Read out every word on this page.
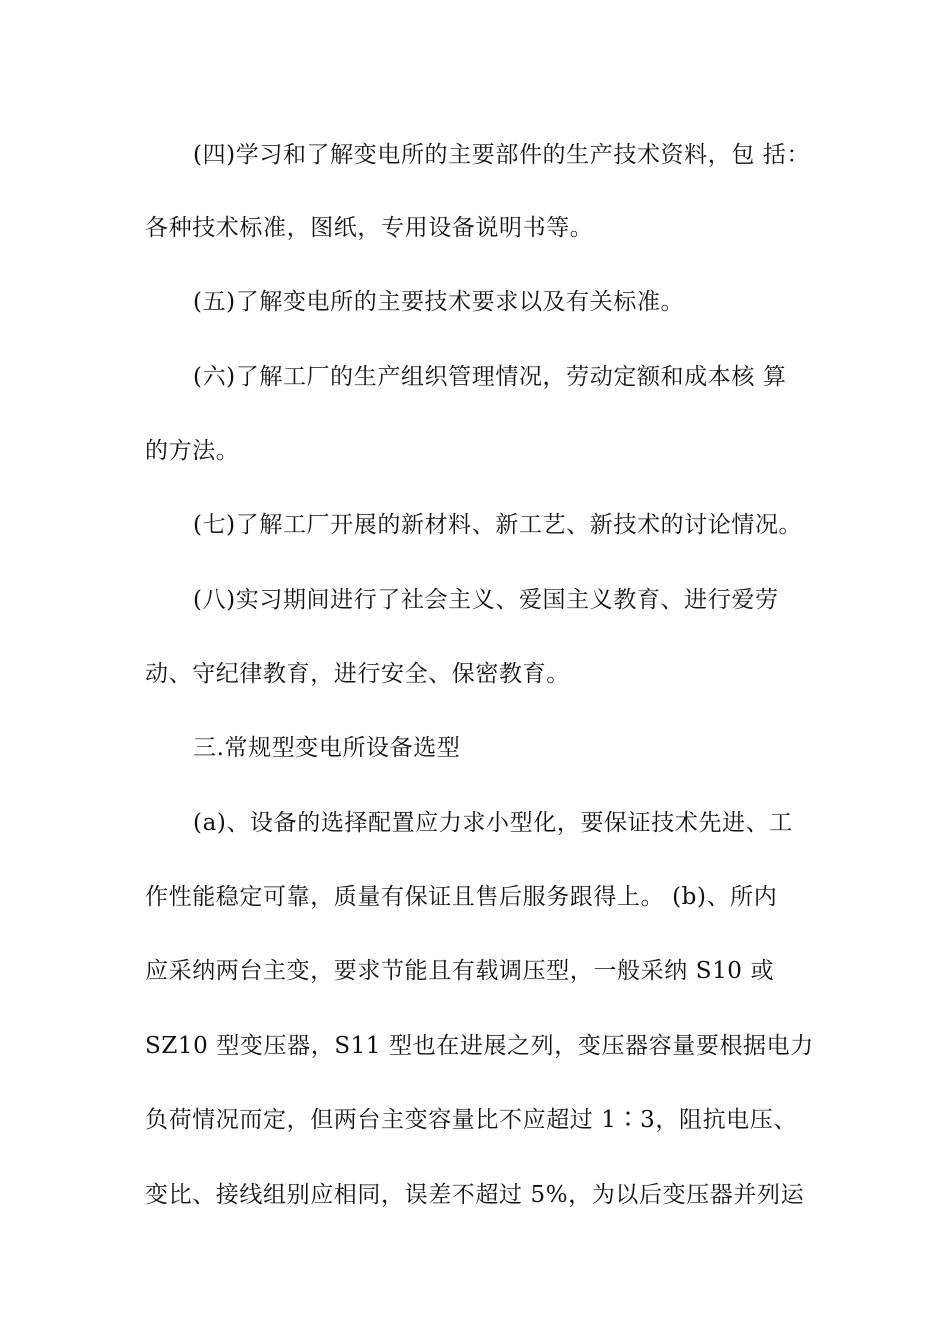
(四)学习和了解变电所的主要部件的生产技术资料，包 括：
各种技术标准，图纸，专用设备说明书等。
(五)了解变电所的主要技术要求以及有关标准。
(六)了解工厂的生产组织管理情况，劳动定额和成本核 算
的方法。
(七)了解工厂开展的新材料、新工艺、新技术的讨论情况。
(八)实习期间进行了社会主义、爱国主义教育、进行爱劳
动、守纪律教育，进行安全、保密教育。
三.常规型变电所设备选型
(a)、设备的选择配置应力求小型化，要保证技术先进、工
作性能稳定可靠，质量有保证且售后服务跟得上。 (b)、所内
应采纳两台主变，要求节能且有载调压型，一般采纳 S10 或
SZ10 型变压器，S11 型也在进展之列，变压器容量要根据电力
负荷情况而定，但两台主变容量比不应超过 1∶3，阻抗电压、
变比、接线组别应相同，误差不超过 5%，为以后变压器并列运
